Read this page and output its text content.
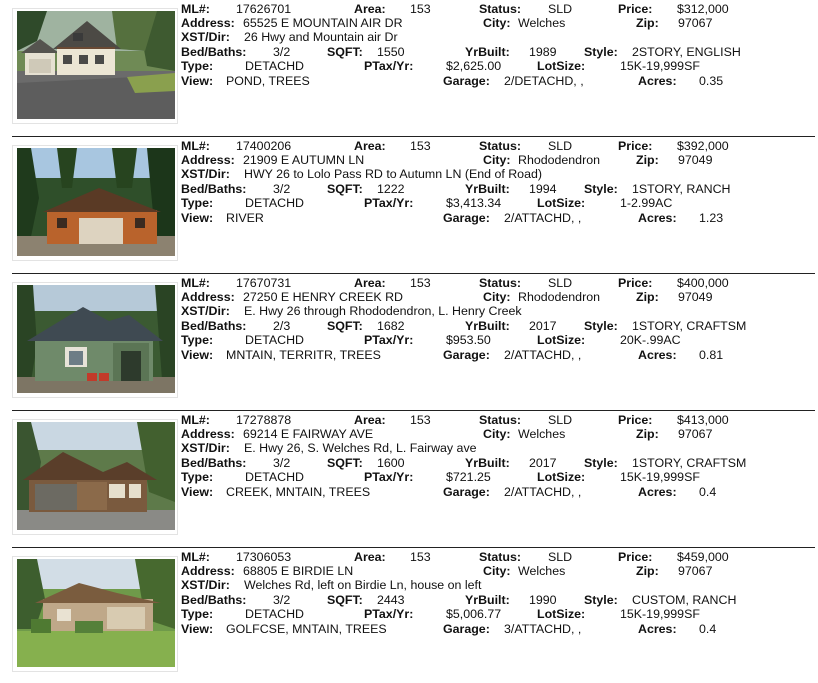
ML#: 17626701	Area: 153	Status: SLD	Price: $312,000
Address: 65525 E MOUNTAIN AIR DR	City: Welches	Zip: 97067
XST/Dir: 26 Hwy and Mountain air Dr
Bed/Baths: 3/2	SQFT: 1550	YrBuilt: 1989 Style: 2STORY, ENGLISH
Type:	DETACHD	PTax/Yr:	$2,625.00	LotSize:	15K-19,999SF
View: POND, TREES	Garage: 2/DETACHD, ,	Acres: 0.35
ML#: 17400206	Area: 153	Status: SLD	Price: $392,000
Address: 21909 E AUTUMN LN	City: Rhododendron	Zip: 97049
XST/Dir: HWY 26 to Lolo Pass RD to Autumn LN (End of Road)
Bed/Baths: 3/2	SQFT: 1222	YrBuilt: 1994 Style: 1STORY, RANCH
Type:	DETACHD	PTax/Yr:	$3,413.34	LotSize:	1-2.99AC
View: RIVER	Garage: 2/ATTACHD, ,	Acres: 1.23
ML#: 17670731	Area: 153	Status: SLD	Price: $400,000
Address: 27250 E HENRY CREEK RD	City: Rhododendron	Zip: 97049
XST/Dir: E. Hwy 26 through Rhododendron, L. Henry Creek
Bed/Baths: 2/3	SQFT: 1682	YrBuilt: 2017 Style: 1STORY, CRAFTSM
Type:	DETACHD	PTax/Yr:	$953.50	LotSize:	20K-.99AC
View: MNTAIN, TERRITR, TREES	Garage: 2/ATTACHD, ,	Acres: 0.81
ML#: 17278878	Area: 153	Status: SLD	Price: $413,000
Address: 69214 E FAIRWAY AVE	City: Welches	Zip: 97067
XST/Dir: E. Hwy 26, S. Welches Rd, L. Fairway ave
Bed/Baths: 3/2	SQFT: 1600	YrBuilt: 2017 Style: 1STORY, CRAFTSM
Type:	DETACHD	PTax/Yr:	$721.25	LotSize:	15K-19,999SF
View: CREEK, MNTAIN, TREES	Garage: 2/ATTACHD, ,	Acres: 0.4
ML#: 17306053	Area: 153	Status: SLD	Price: $459,000
Address: 68805 E BIRDIE LN	City: Welches	Zip: 97067
XST/Dir: Welches Rd, left on Birdie Ln, house on left
Bed/Baths: 3/2	SQFT: 2443	YrBuilt: 1990 Style: CUSTOM, RANCH
Type:	DETACHD	PTax/Yr:	$5,006.77	LotSize:	15K-19,999SF
View: GOLFCSE, MNTAIN, TREES	Garage: 3/ATTACHD, ,	Acres: 0.4
